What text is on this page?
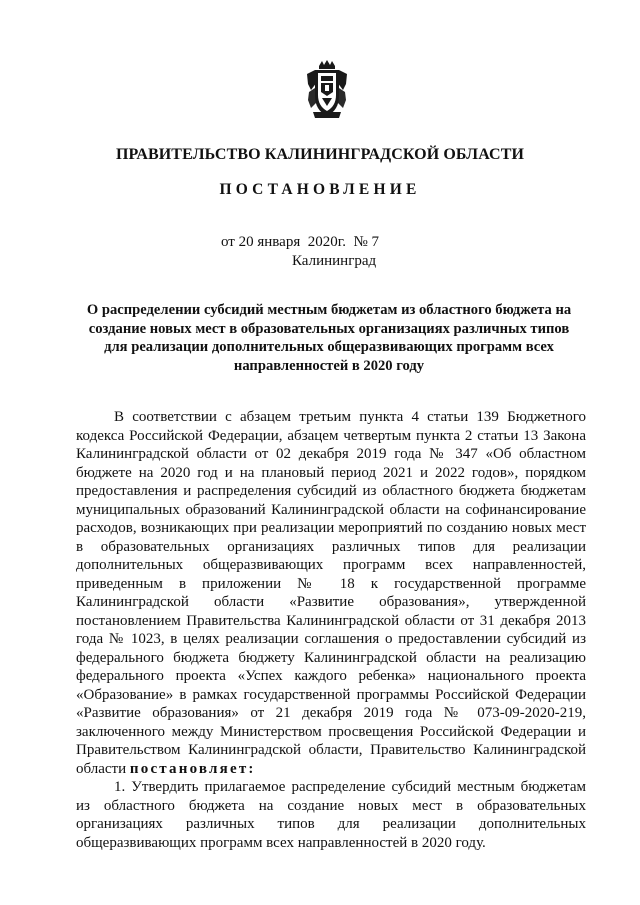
ПРАВИТЕЛЬСТВО КАЛИНИНГРАДСКОЙ ОБЛАСТИ
ПОСТАНОВЛЕНИЕ
от 20 января 2020г. № 7
Калининград
О распределении субсидий местным бюджетам из областного бюджета на создание новых мест в образовательных организациях различных типов для реализации дополнительных общеразвивающих программ всех направленностей в 2020 году

В соответствии с абзацем третьим пункта 4 статьи 139 Бюджетного кодекса Российской Федерации, абзацем четвертым пункта 2 статьи 13 Закона Калининградской области от 02 декабря 2019 года № 347 «Об областном бюджете на 2020 год и на плановый период 2021 и 2022 годов», порядком предоставления и распределения субсидий из областного бюджета бюджетам муниципальных образований Калининградской области на софинансирование расходов, возникающих при реализации мероприятий по созданию новых мест в образовательных организациях различных типов для реализации дополнительных общеразвивающих программ всех направленностей, приведенным в приложении № 18 к государственной программе Калининградской области «Развитие образования», утвержденной постановлением Правительства Калининградской области от 31 декабря 2013 года № 1023, в целях реализации соглашения о предоставлении субсидий из федерального бюджета бюджету Калининградской области на реализацию федерального проекта «Успех каждого ребенка» национального проекта «Образование» в рамках государственной программы Российской Федерации «Развитие образования» от 21 декабря 2019 года № 073-09-2020-219, заключенного между Министерством просвещения Российской Федерации и Правительством Калининградской области, Правительство Калининградской области постановляет:

1. Утвердить прилагаемое распределение субсидий местным бюджетам из областного бюджета на создание новых мест в образовательных организациях различных типов для реализации дополнительных общеразвивающих программ всех направленностей в 2020 году.
